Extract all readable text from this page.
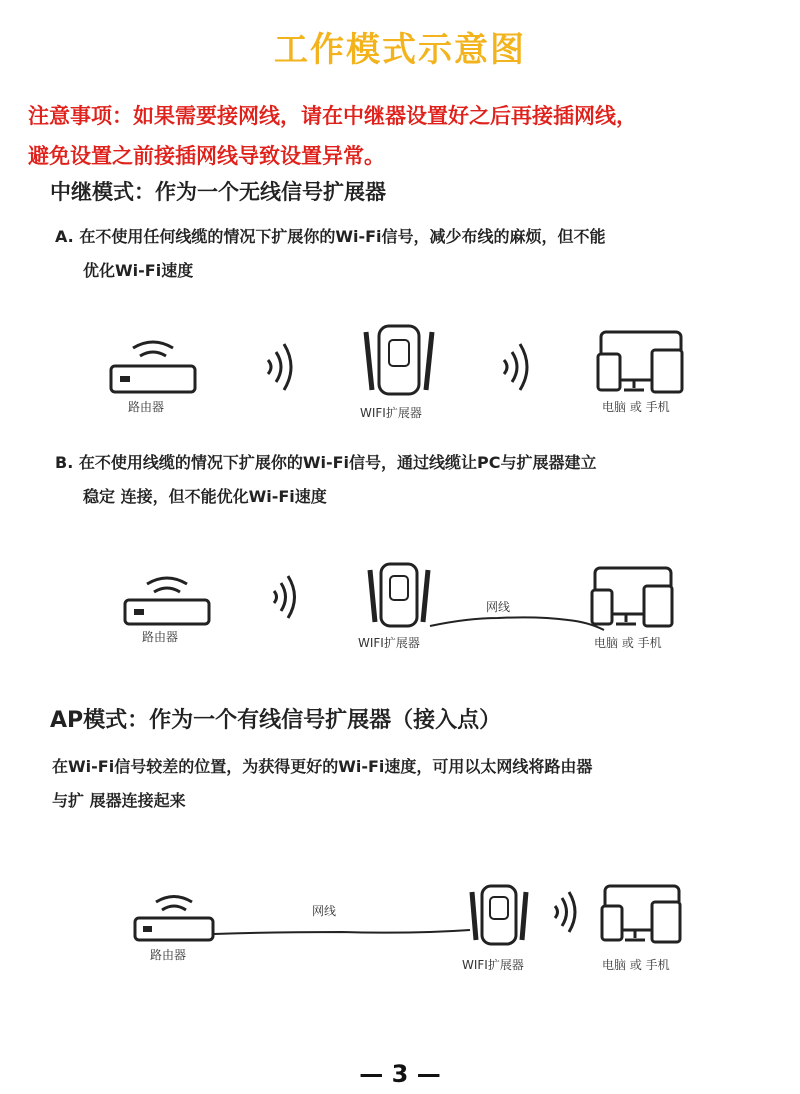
工作模式示意图
注意事项：如果需要接网线，请在中继器设置好之后再接插网线，
避免设置之前接插网线导致设置异常。
中继模式：作为一个无线信号扩展器
A. 在不使用任何线缆的情况下扩展你的Wi-Fi信号，减少布线的麻烦，但不能
优化Wi-Fi速度
路由器	WIFI扩展器	电脑 或 手机
B. 在不使用线缆的情况下扩展你的Wi-Fi信号，通过线缆让PC与扩展器建立
稳定 连接，但不能优化Wi-Fi速度
路由器	WIFI扩展器
网线
电脑 或 手机
AP模式：作为一个有线信号扩展器（接入点）
在Wi-Fi信号较差的位置，为获得更好的Wi-Fi速度，可用以太网线将路由器
与扩 展器连接起来
路由器
网线
WIFI扩展器	电脑 或 手机
— 3 —
